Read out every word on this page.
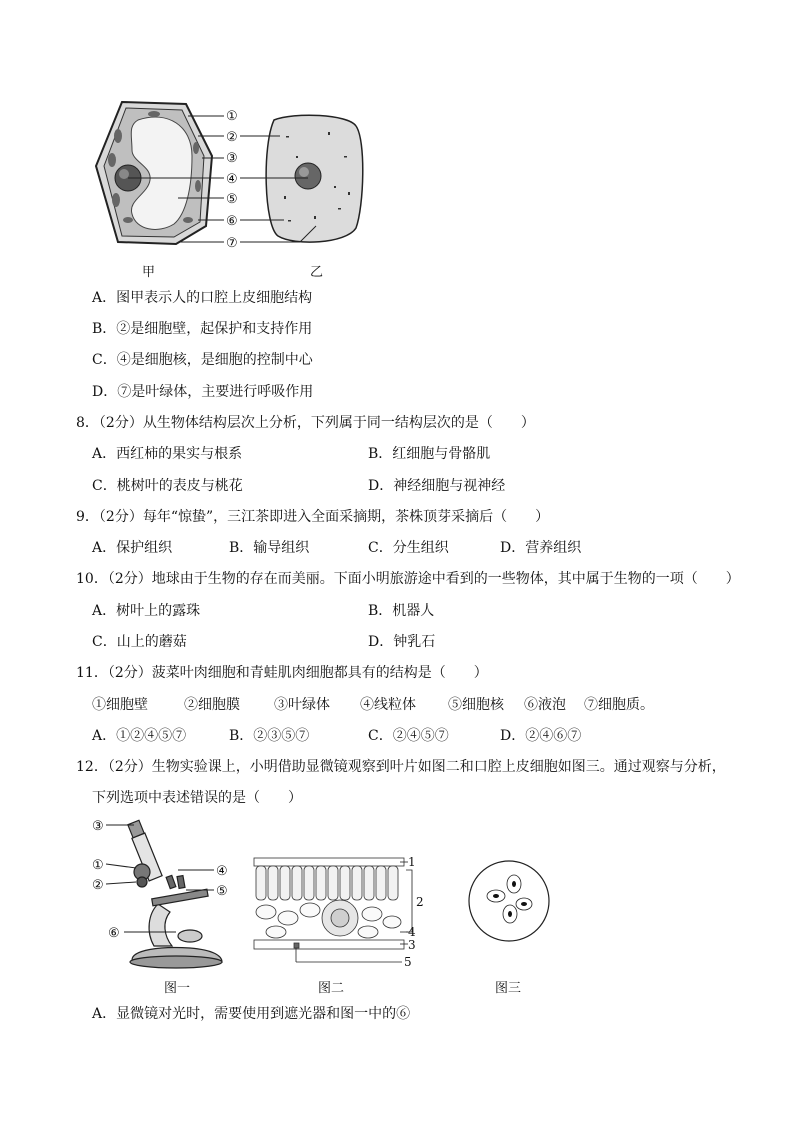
①
②
③
④
⑤
⑥
⑦
甲	乙
A．图甲表示人的口腔上皮细胞结构
B．②是细胞壁，起保护和支持作用
C．④是细胞核，是细胞的控制中心
D．⑦是叶绿体，主要进行呼吸作用
8．（2分）从生物体结构层次上分析，下列属于同一结构层次的是（　　）
A．西红柿的果实与根系	B．红细胞与骨骼肌
C．桃树叶的表皮与桃花	D．神经细胞与视神经
9．（2分）每年“惊蛰”，三江茶即进入全面采摘期，茶株顶芽采摘后（　　）
A．保护组织	B．输导组织	C．分生组织	D．营养组织
10．（2分）地球由于生物的存在而美丽。下面小明旅游途中看到的一些物体，其中属于生物的一项（　　）
A．树叶上的露珠	B．机器人
C．山上的蘑菇	D．钟乳石
11．（2分）菠菜叶肉细胞和青蛙肌肉细胞都具有的结构是（　　）
①细胞壁	②细胞膜 ③叶绿体 ④线粒体 ⑤细胞核 ⑥液泡 ⑦细胞质。
A．①②④⑤⑦	B．②③⑤⑦	C．②④⑤⑦	D．②④⑥⑦
12．（2分）生物实验课上，小明借助显微镜观察到叶片如图二和口腔上皮细胞如图三。通过观察与分析，
下列选项中表述错误的是（　　）
③
①
②
④
⑤
⑥
1
2
4
3
5
图一	图二	图三
A．显微镜对光时，需要使用到遮光器和图一中的⑥
